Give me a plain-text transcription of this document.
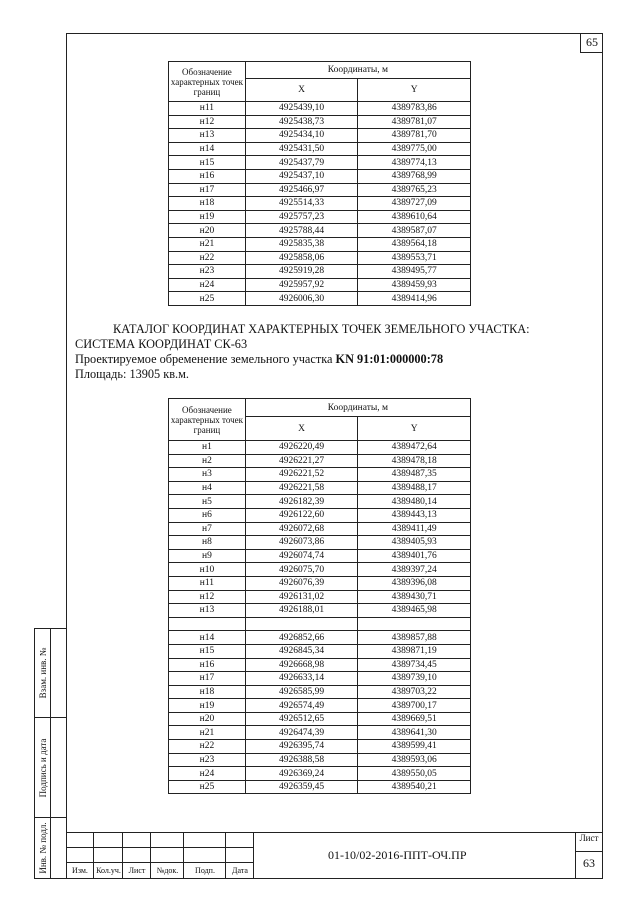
65
Взам. инв. №
Подпись и дата
Инв. № подл.
Обозначение характерных точек границ	Координаты, м	
	X	Y
н11	4925439,10	4389783,86
н12	4925438,73	4389781,07
н13	4925434,10	4389781,70
н14	4925431,50	4389775,00
н15	4925437,79	4389774,13
н16	4925437,10	4389768,99
н17	4925466,97	4389765,23
н18	4925514,33	4389727,09
н19	4925757,23	4389610,64
н20	4925788,44	4389587,07
н21	4925835,38	4389564,18
н22	4925858,06	4389553,71
н23	4925919,28	4389495,77
н24	4925957,92	4389459,93
н25	4926006,30	4389414,96
КАТАЛОГ КООРДИНАТ ХАРАКТЕРНЫХ ТОЧЕК ЗЕМЕЛЬНОГО УЧАСТКА:
СИСТЕМА КООРДИНАТ СК-63
Проектируемое обременение земельного участка KN 91:01:000000:78
Площадь: 13905 кв.м.
Обозначение характерных точек границ	Координаты, м	
	X	Y
н1	4926220,49	4389472,64
н2	4926221,27	4389478,18
н3	4926221,52	4389487,35
н4	4926221,58	4389488,17
н5	4926182,39	4389480,14
н6	4926122,60	4389443,13
н7	4926072,68	4389411,49
н8	4926073,86	4389405,93
н9	4926074,74	4389401,76
н10	4926075,70	4389397,24
н11	4926076,39	4389396,08
н12	4926131,02	4389430,71
н13	4926188,01	4389465,98

н14	4926852,66	4389857,88
н15	4926845,34	4389871,19
н16	4926668,98	4389734,45
н17	4926633,14	4389739,10
н18	4926585,99	4389703,22
н19	4926574,49	4389700,17
н20	4926512,65	4389669,51
н21	4926474,39	4389641,30
н22	4926395,74	4389599,41
н23	4926388,58	4389593,06
н24	4926369,24	4389550,05
н25	4926359,45	4389540,21
Изм.	Кол.уч. Лист	№док.	Подп.	Дата
01-10/02-2016-ППТ-ОЧ.ПР
Лист
63
